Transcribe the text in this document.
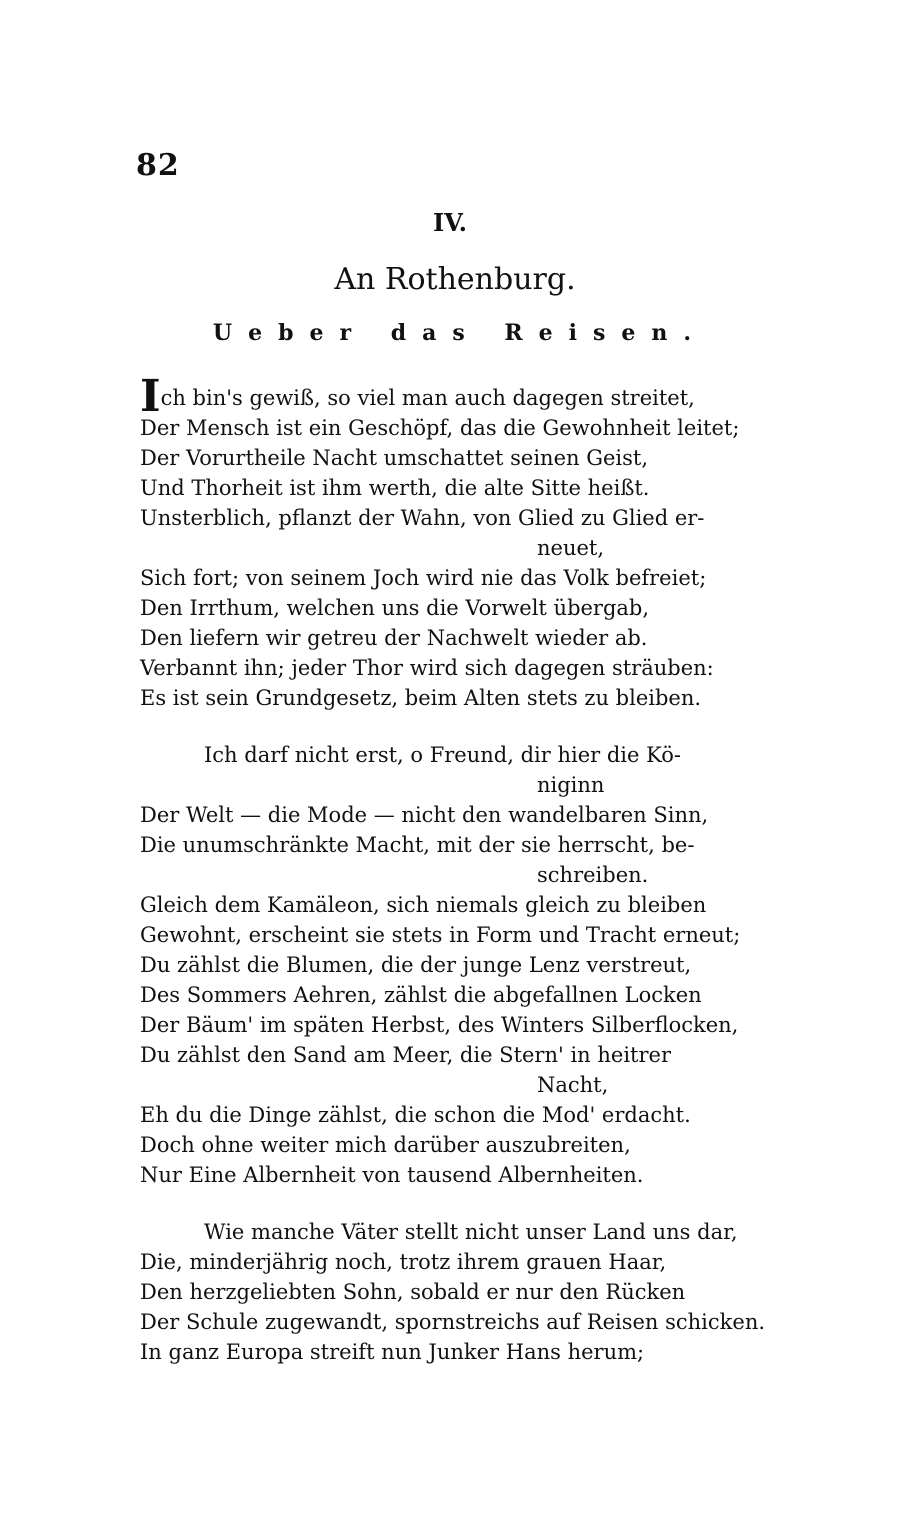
82
IV.
An Rothenburg.
Ueber das Reisen.
Ich bin's gewiß, so viel man auch dagegen streitet,
Der Mensch ist ein Geschöpf, das die Gewohnheit leitet;
Der Vorurtheile Nacht umschattet seinen Geist,
Und Thorheit ist ihm werth, die alte Sitte heißt.
Unsterblich, pflanzt der Wahn, von Glied zu Glied er-
neuet,
Sich fort; von seinem Joch wird nie das Volk befreiet;
Den Irrthum, welchen uns die Vorwelt übergab,
Den liefern wir getreu der Nachwelt wieder ab.
Verbannt ihn; jeder Thor wird sich dagegen sträuben:
Es ist sein Grundgesetz, beim Alten stets zu bleiben.
Ich darf nicht erst, o Freund, dir hier die Kö-
niginn
Der Welt — die Mode — nicht den wandelbaren Sinn,
Die unumschränkte Macht, mit der sie herrscht, be-
schreiben.
Gleich dem Kamäleon, sich niemals gleich zu bleiben
Gewohnt, erscheint sie stets in Form und Tracht erneut;
Du zählst die Blumen, die der junge Lenz verstreut,
Des Sommers Aehren, zählst die abgefallnen Locken
Der Bäum' im späten Herbst, des Winters Silberflocken,
Du zählst den Sand am Meer, die Stern' in heitrer
Nacht,
Eh du die Dinge zählst, die schon die Mod' erdacht.
Doch ohne weiter mich darüber auszubreiten,
Nur Eine Albernheit von tausend Albernheiten.
Wie manche Väter stellt nicht unser Land uns dar,
Die, minderjährig noch, trotz ihrem grauen Haar,
Den herzgeliebten Sohn, sobald er nur den Rücken
Der Schule zugewandt, spornstreichs auf Reisen schicken.
In ganz Europa streift nun Junker Hans herum;
